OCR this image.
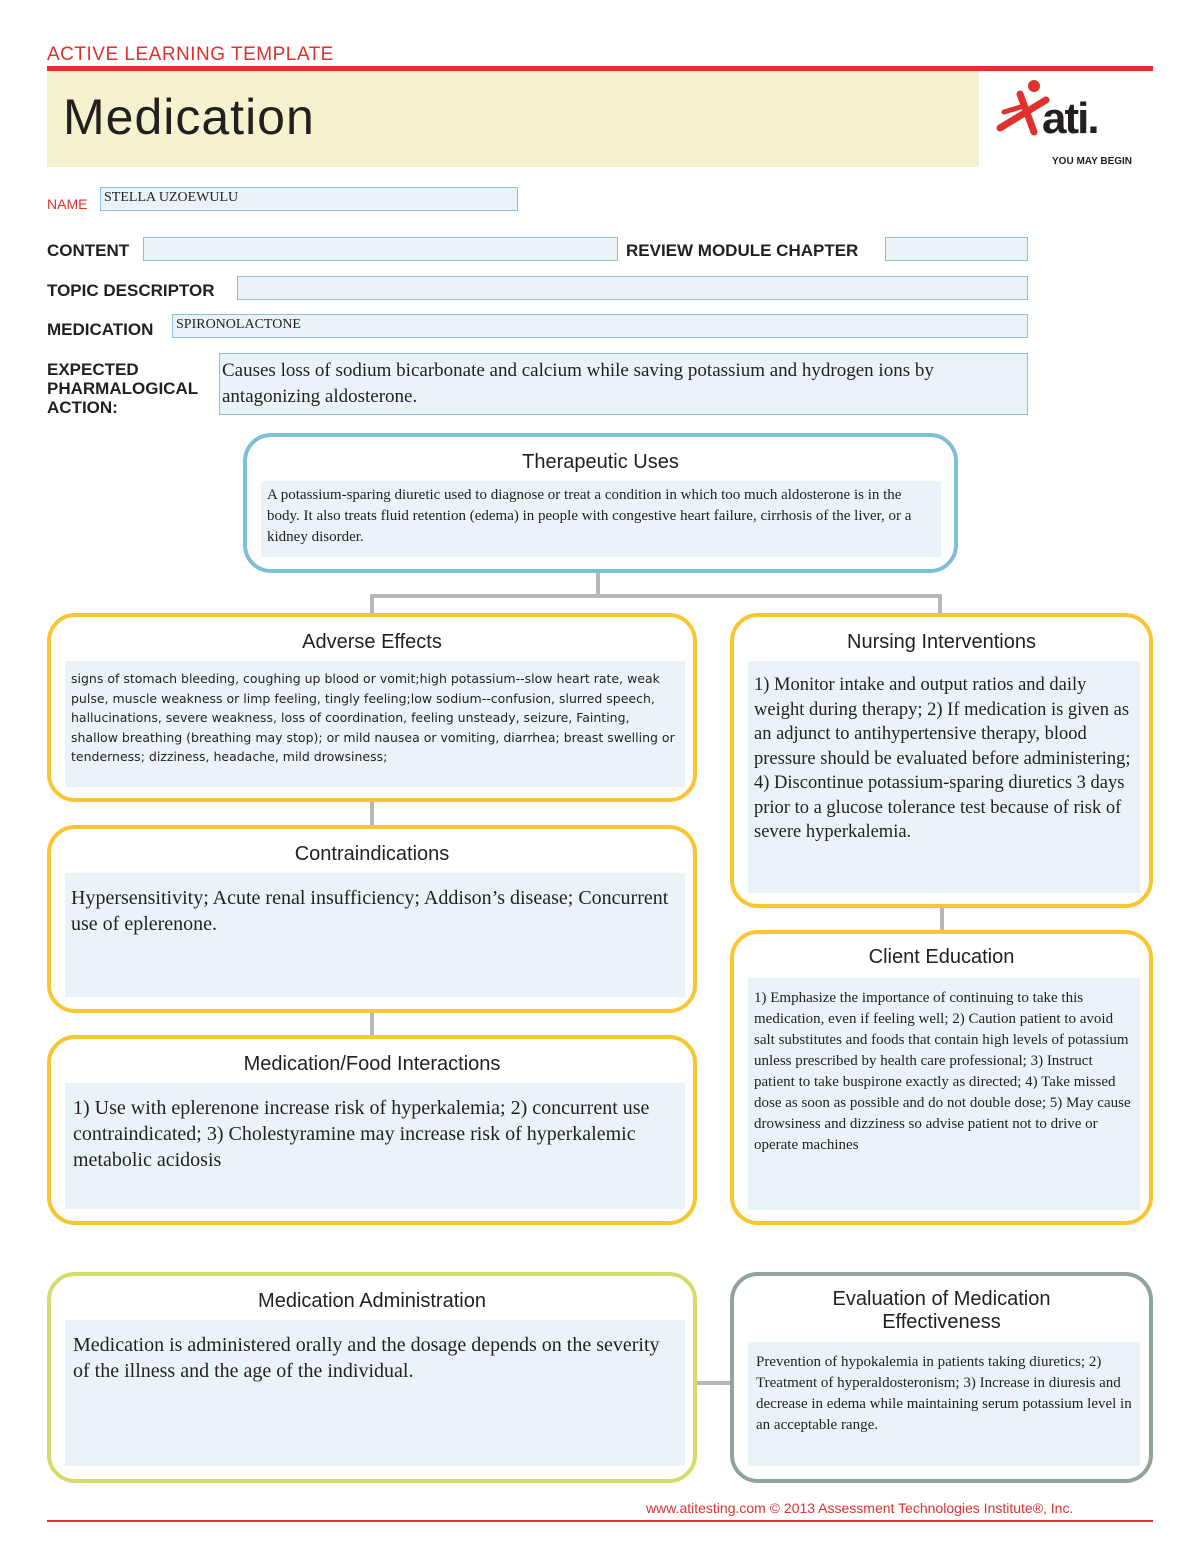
ACTIVE LEARNING TEMPLATE
Medication	ati.
YOU MAY BEGIN
NAME STELLA UZOEWULU
CONTENT	REVIEW MODULE CHAPTER
TOPIC DESCRIPTOR
MEDICATION SPIRONOLACTONE
EXPECTED
PHARMALOGICAL
ACTION:
Causes loss of sodium bicarbonate and calcium while saving potassium and hydrogen ions by antagonizing aldosterone.
Therapeutic Uses
A potassium-sparing diuretic used to diagnose or treat a condition in which too much aldosterone is in the body. It also treats fluid retention (edema) in people with congestive heart failure, cirrhosis of the liver, or a kidney disorder.
Adverse Effects
signs of stomach bleeding, coughing up blood or vomit;high potassium--slow heart rate, weak pulse, muscle weakness or limp feeling, tingly feeling;low sodium--confusion, slurred speech, hallucinations, severe weakness, loss of coordination, feeling unsteady, seizure, Fainting, shallow breathing (breathing may stop); or mild nausea or vomiting, diarrhea; breast swelling or tenderness; dizziness, headache, mild drowsiness;
Nursing Interventions
1) Monitor intake and output ratios and daily weight during therapy; 2) If medication is given as an adjunct to antihypertensive therapy, blood pressure should be evaluated before administering; 4) Discontinue potassium-sparing diuretics 3 days prior to a glucose tolerance test because of risk of severe hyperkalemia.
Contraindications
Hypersensitivity; Acute renal insufficiency; Addison’s disease; Concurrent use of eplerenone.
Client Education
1) Emphasize the importance of continuing to take this medication, even if feeling well; 2) Caution patient to avoid salt substitutes and foods that contain high levels of potassium unless prescribed by health care professional; 3) Instruct patient to take buspirone exactly as directed; 4) Take missed dose as soon as possible and do not double dose; 5) May cause drowsiness and dizziness so advise patient not to drive or operate machines
Medication/Food Interactions
1) Use with eplerenone increase risk of hyperkalemia; 2) concurrent use contraindicated; 3) Cholestyramine may increase risk of hyperkalemic metabolic acidosis
Medication Administration
Medication is administered orally and the dosage depends on the severity of the illness and the age of the individual.
Evaluation of Medication
Effectiveness
Prevention of hypokalemia in patients taking diuretics; 2) Treatment of hyperaldosteronism; 3) Increase in diuresis and decrease in edema while maintaining serum potassium level in an acceptable range.
www.atitesting.com © 2013 Assessment Technologies Institute®, Inc.
